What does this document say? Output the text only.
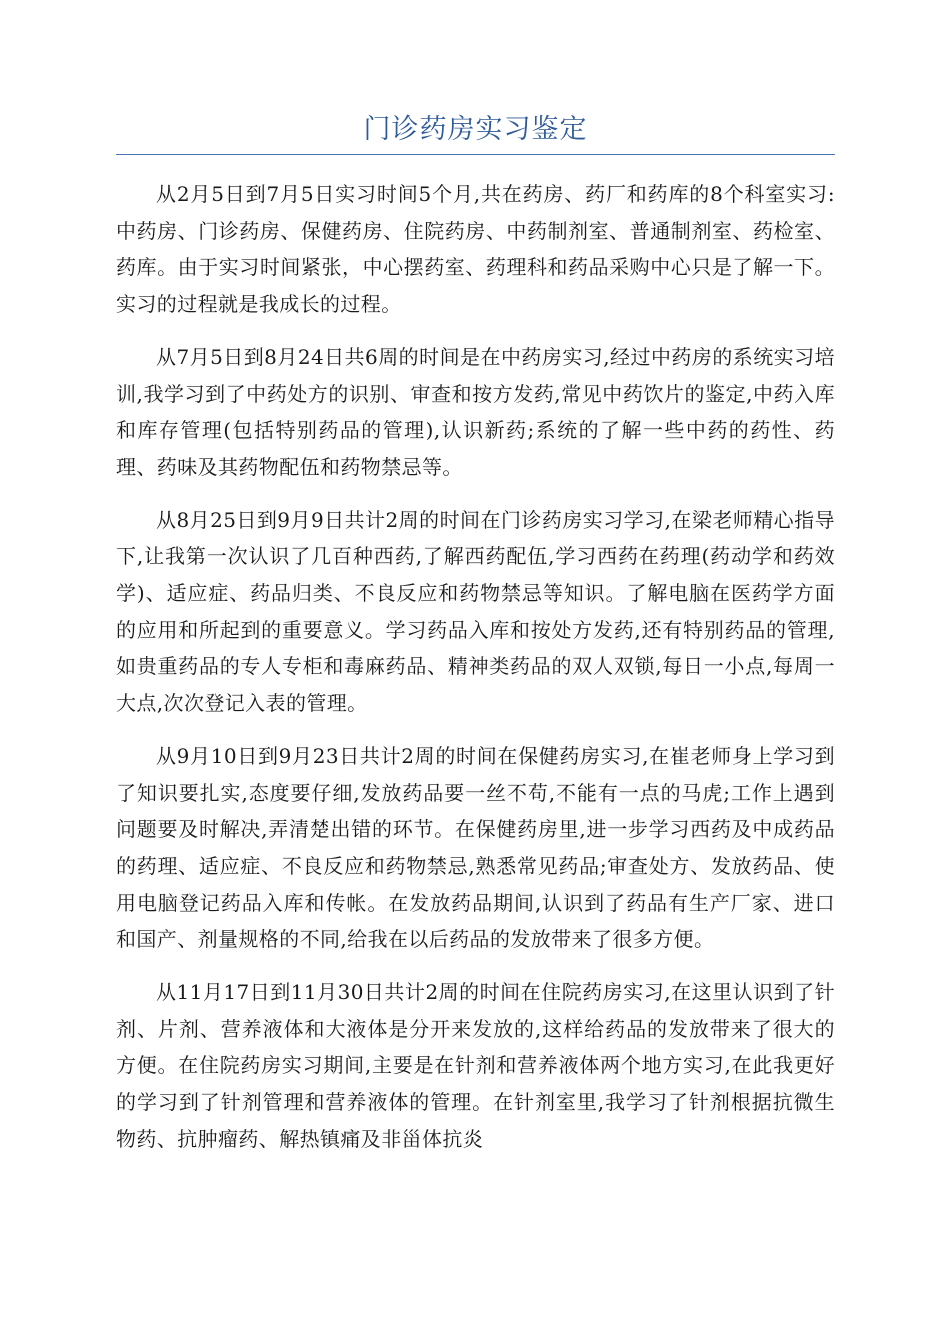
门诊药房实习鉴定

从2月5日到7月5日实习时间5个月,共在药房、药厂和药库的8个科室实习:中药房、门诊药房、保健药房、住院药房、中药制剂室、普通制剂室、药检室、药库。由于实习时间紧张，中心摆药室、药理科和药品采购中心只是了解一下。实习的过程就是我成长的过程。

从7月5日到8月24日共6周的时间是在中药房实习,经过中药房的系统实习培训,我学习到了中药处方的识别、审查和按方发药,常见中药饮片的鉴定,中药入库和库存管理(包括特别药品的管理),认识新药;系统的了解一些中药的药性、药理、药味及其药物配伍和药物禁忌等。

从8月25日到9月9日共计2周的时间在门诊药房实习学习,在梁老师精心指导下,让我第一次认识了几百种西药,了解西药配伍,学习西药在药理(药动学和药效学)、适应症、药品归类、不良反应和药物禁忌等知识。了解电脑在医药学方面的应用和所起到的重要意义。学习药品入库和按处方发药,还有特别药品的管理,如贵重药品的专人专柜和毒麻药品、精神类药品的双人双锁,每日一小点,每周一大点,次次登记入表的管理。

从9月10日到9月23日共计2周的时间在保健药房实习,在崔老师身上学习到了知识要扎实,态度要仔细,发放药品要一丝不苟,不能有一点的马虎;工作上遇到问题要及时解决,弄清楚出错的环节。在保健药房里,进一步学习西药及中成药品的药理、适应症、不良反应和药物禁忌,熟悉常见药品;审查处方、发放药品、使用电脑登记药品入库和传帐。在发放药品期间,认识到了药品有生产厂家、进口和国产、剂量规格的不同,给我在以后药品的发放带来了很多方便。

从11月17日到11月30日共计2周的时间在住院药房实习,在这里认识到了针剂、片剂、营养液体和大液体是分开来发放的,这样给药品的发放带来了很大的方便。在住院药房实习期间,主要是在针剂和营养液体两个地方实习,在此我更好的学习到了针剂管理和营养液体的管理。在针剂室里,我学习了针剂根据抗微生物药、抗肿瘤药、解热镇痛及非甾体抗炎
